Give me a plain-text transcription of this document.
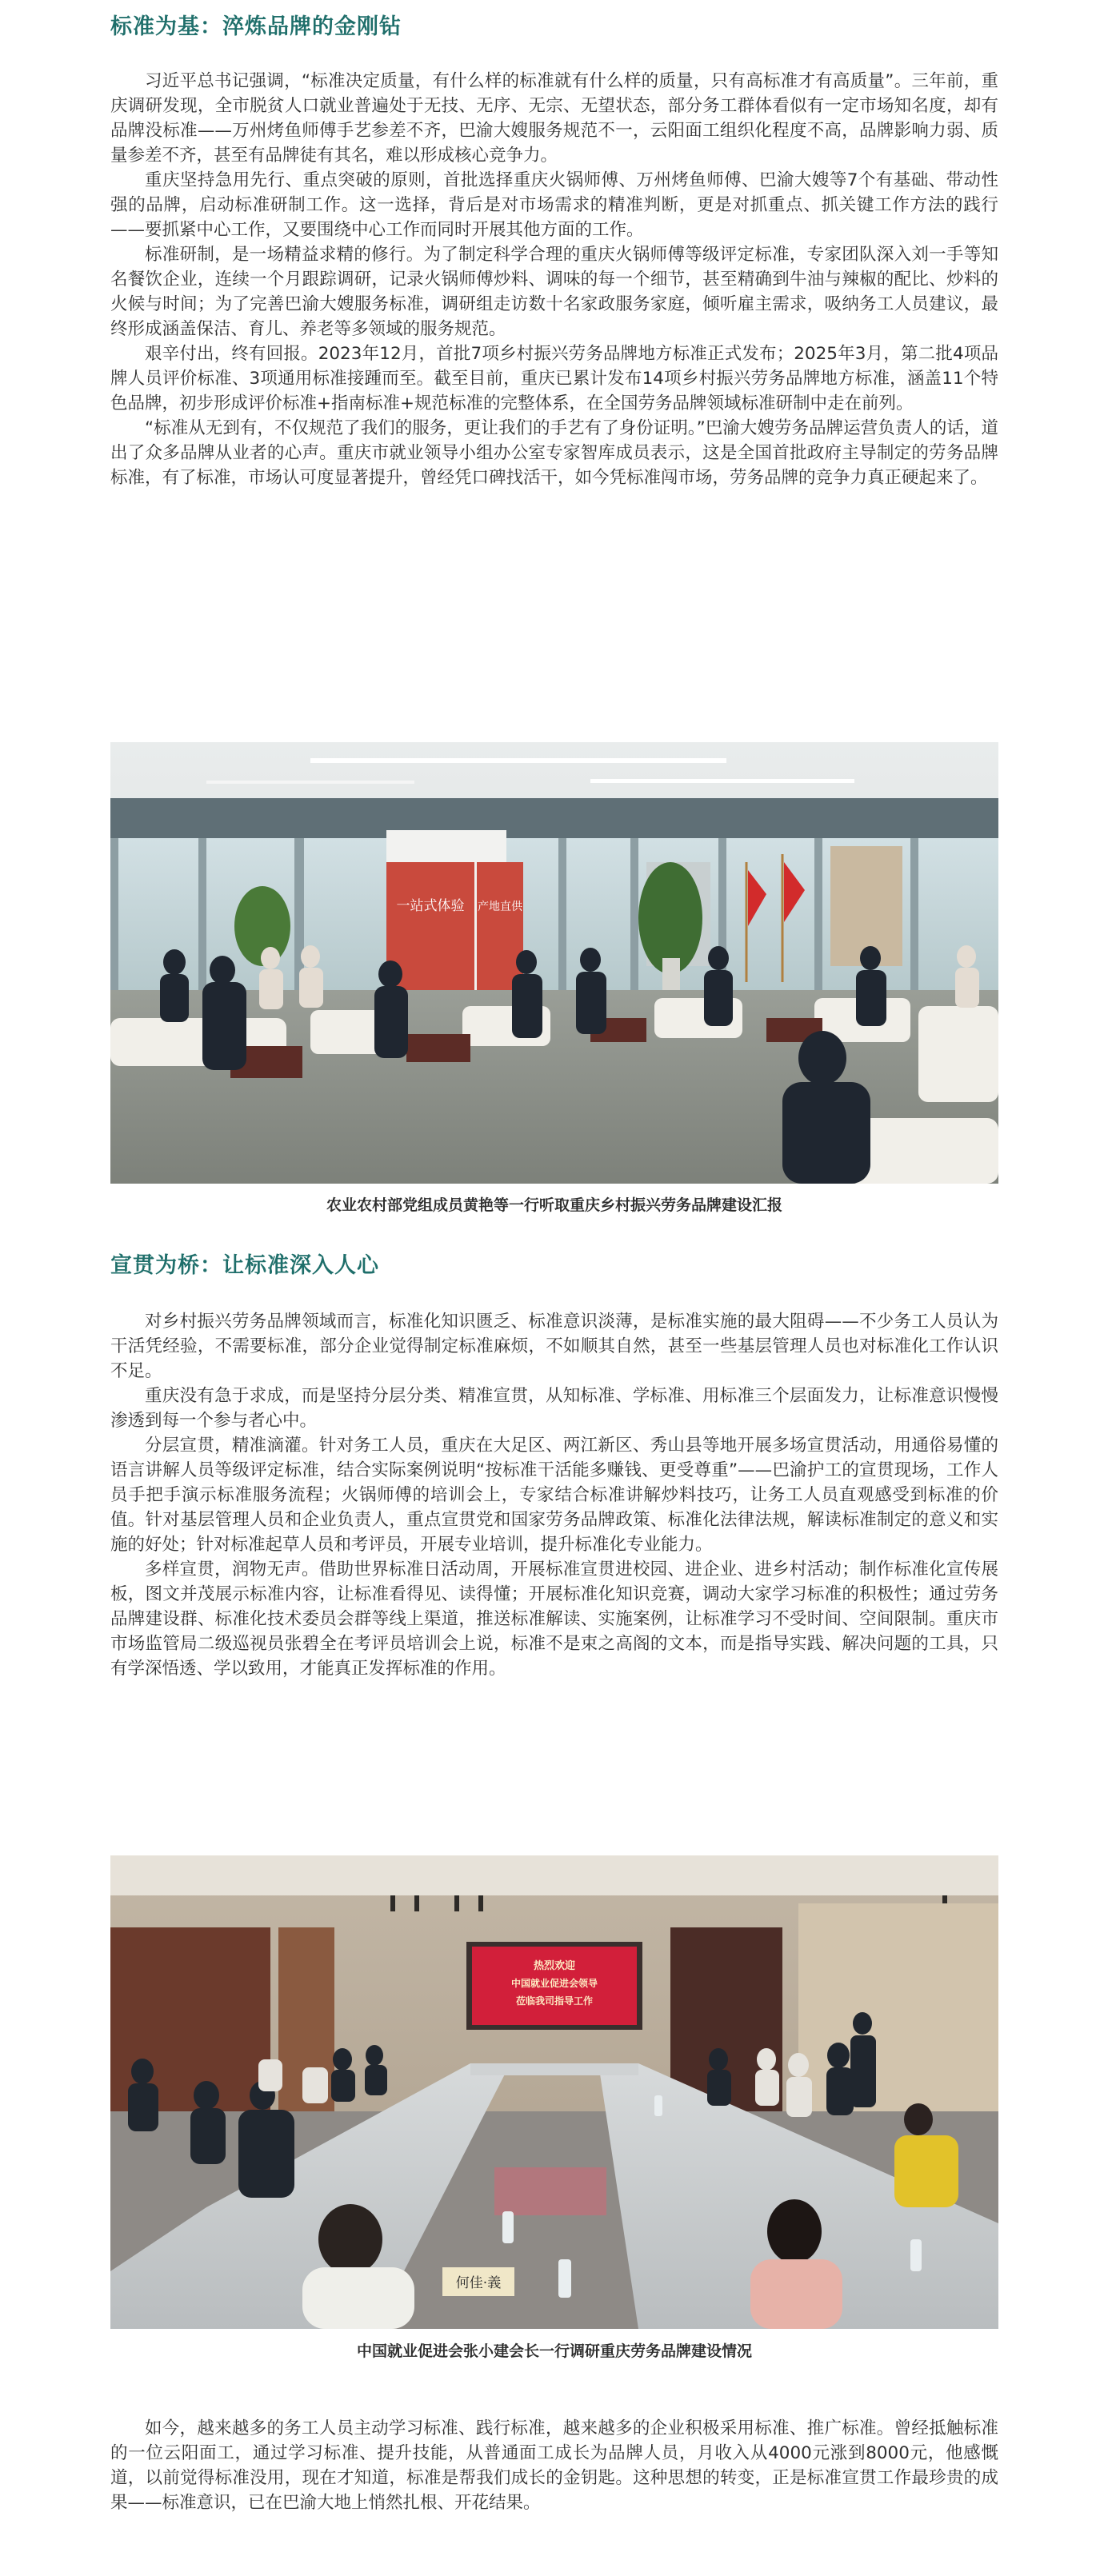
标准为基：淬炼品牌的金刚钻

习近平总书记强调，“标准决定质量，有什么样的标准就有什么样的质量，只有高标准才有高质量”。三年前，重庆调研发现，全市脱贫人口就业普遍处于无技、无序、无宗、无望状态，部分务工群体看似有一定市场知名度，却有品牌没标准——万州烤鱼师傅手艺参差不齐，巴渝大嫂服务规范不一，云阳面工组织化程度不高，品牌影响力弱、质量参差不齐，甚至有品牌徒有其名，难以形成核心竞争力。

重庆坚持急用先行、重点突破的原则，首批选择重庆火锅师傅、万州烤鱼师傅、巴渝大嫂等7个有基础、带动性强的品牌，启动标准研制工作。这一选择，背后是对市场需求的精准判断，更是对抓重点、抓关键工作方法的践行——要抓紧中心工作，又要围绕中心工作而同时开展其他方面的工作。

标准研制，是一场精益求精的修行。为了制定科学合理的重庆火锅师傅等级评定标准，专家团队深入刘一手等知名餐饮企业，连续一个月跟踪调研，记录火锅师傅炒料、调味的每一个细节，甚至精确到牛油与辣椒的配比、炒料的火候与时间；为了完善巴渝大嫂服务标准，调研组走访数十名家政服务家庭，倾听雇主需求，吸纳务工人员建议，最终形成涵盖保洁、育儿、养老等多领域的服务规范。

艰辛付出，终有回报。2023年12月，首批7项乡村振兴劳务品牌地方标准正式发布；2025年3月，第二批4项品牌人员评价标准、3项通用标准接踵而至。截至目前，重庆已累计发布14项乡村振兴劳务品牌地方标准，涵盖11个特色品牌，初步形成评价标准+指南标准+规范标准的完整体系，在全国劳务品牌领域标准研制中走在前列。

“标准从无到有，不仅规范了我们的服务，更让我们的手艺有了身份证明。”巴渝大嫂劳务品牌运营负责人的话，道出了众多品牌从业者的心声。重庆市就业领导小组办公室专家智库成员表示，这是全国首批政府主导制定的劳务品牌标准，有了标准，市场认可度显著提升，曾经凭口碑找活干，如今凭标准闯市场，劳务品牌的竞争力真正硬起来了。

一站式体验 产地直供

农业农村部党组成员黄艳等一行听取重庆乡村振兴劳务品牌建设汇报

宣贯为桥：让标准深入人心

对乡村振兴劳务品牌领域而言，标准化知识匮乏、标准意识淡薄，是标准实施的最大阻碍——不少务工人员认为干活凭经验，不需要标准，部分企业觉得制定标准麻烦，不如顺其自然，甚至一些基层管理人员也对标准化工作认识不足。

重庆没有急于求成，而是坚持分层分类、精准宣贯，从知标准、学标准、用标准三个层面发力，让标准意识慢慢渗透到每一个参与者心中。

分层宣贯，精准滴灌。针对务工人员，重庆在大足区、两江新区、秀山县等地开展多场宣贯活动，用通俗易懂的语言讲解人员等级评定标准，结合实际案例说明“按标准干活能多赚钱、更受尊重”——巴渝护工的宣贯现场，工作人员手把手演示标准服务流程；火锅师傅的培训会上，专家结合标准讲解炒料技巧，让务工人员直观感受到标准的价值。针对基层管理人员和企业负责人，重点宣贯党和国家劳务品牌政策、标准化法律法规，解读标准制定的意义和实施的好处；针对标准起草人员和考评员，开展专业培训，提升标准化专业能力。

多样宣贯，润物无声。借助世界标准日活动周，开展标准宣贯进校园、进企业、进乡村活动；制作标准化宣传展板，图文并茂展示标准内容，让标准看得见、读得懂；开展标准化知识竞赛，调动大家学习标准的积极性；通过劳务品牌建设群、标准化技术委员会群等线上渠道，推送标准解读、实施案例，让标准学习不受时间、空间限制。重庆市市场监管局二级巡视员张碧全在考评员培训会上说，标准不是束之高阁的文本，而是指导实践、解决问题的工具，只有学深悟透、学以致用，才能真正发挥标准的作用。

热烈欢迎
中国就业促进会领导
莅临我司指导工作
何佳·義

中国就业促进会张小建会长一行调研重庆劳务品牌建设情况

如今，越来越多的务工人员主动学习标准、践行标准，越来越多的企业积极采用标准、推广标准。曾经抵触标准的一位云阳面工，通过学习标准、提升技能，从普通面工成长为品牌人员，月收入从4000元涨到8000元，他感慨道，以前觉得标准没用，现在才知道，标准是帮我们成长的金钥匙。这种思想的转变，正是标准宣贯工作最珍贵的成果——标准意识，已在巴渝大地上悄然扎根、开花结果。
